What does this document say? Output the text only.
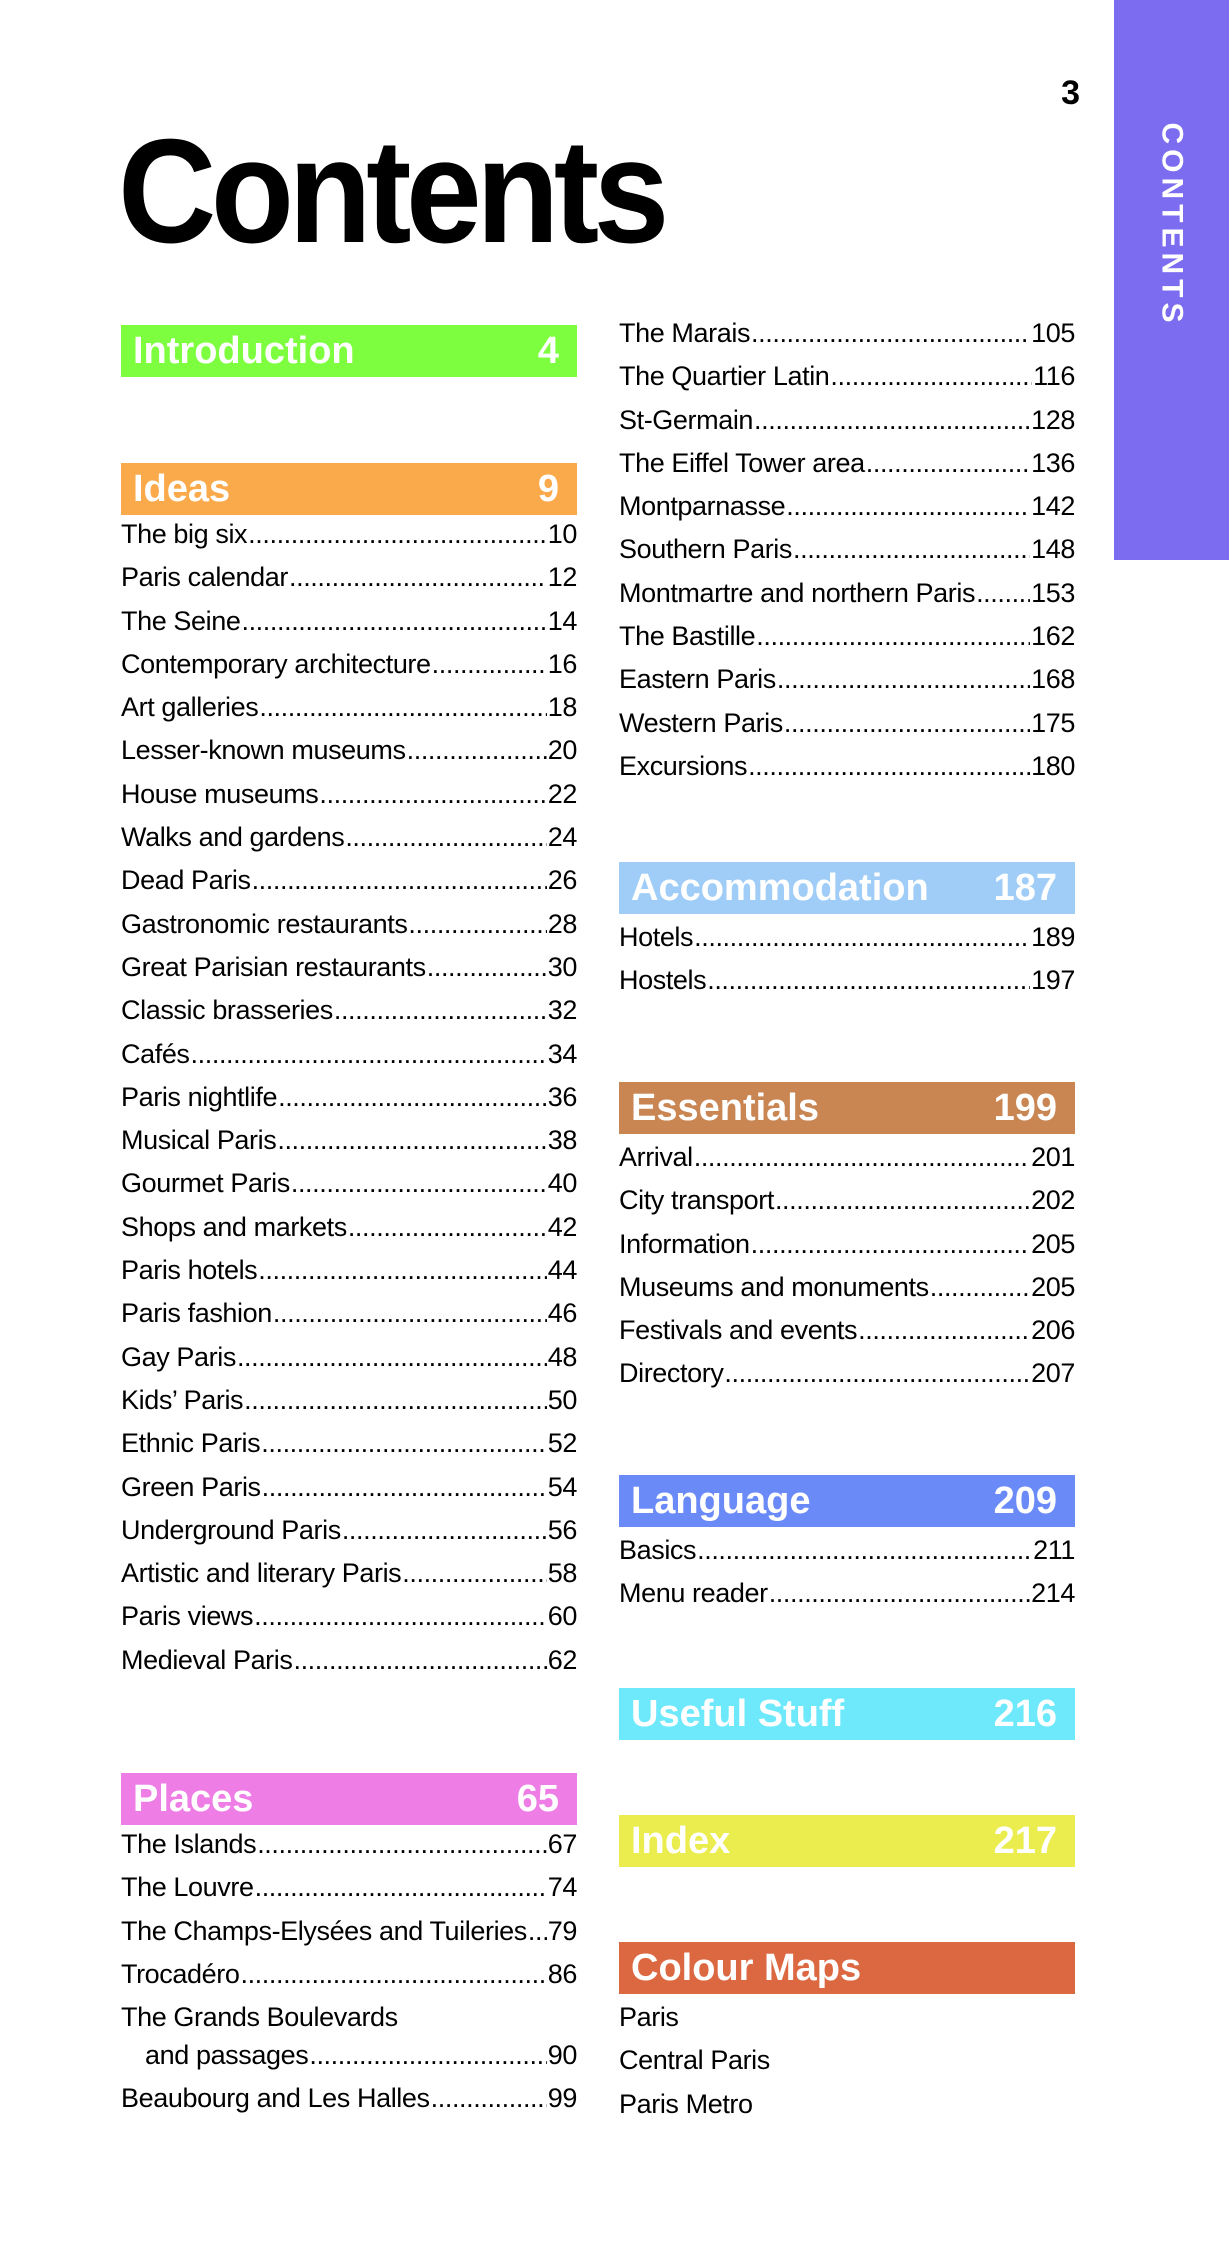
3
CONTENTS
Contents
Introduction	4
Ideas	9
The big six .....	10
Paris calendar .....	12
The Seine .....	14
Contemporary architecture .....	16
Art galleries .....	18
Lesser-known museums .....	20
House museums .....	22
Walks and gardens .....	24
Dead Paris .....	26
Gastronomic restaurants .....	28
Great Parisian restaurants .....	30
Classic brasseries .....	32
Cafés .....	34
Paris nightlife .....	36
Musical Paris .....	38
Gourmet Paris .....	40
Shops and markets .....	42
Paris hotels .....	44
Paris fashion .....	46
Gay Paris .....	48
Kids’ Paris .....	50
Ethnic Paris .....	52
Green Paris .....	54
Underground Paris .....	56
Artistic and literary Paris .....	58
Paris views .....	60
Medieval Paris .....	62
Places	65
The Islands .....	67
The Louvre .....	74
The Champs-Elysées and Tuileries ..... 79
Trocadéro .....	86
The Grands Boulevards
and passages .....	90
Beaubourg and Les Halles .....	99
The Marais .....	105
The Quartier Latin .....	116
St-Germain .....	128
The Eiffel Tower area .....	136
Montparnasse .....	142
Southern Paris .....	148
Montmartre and northern Paris ..... 153
The Bastille .....	162
Eastern Paris .....	168
Western Paris .....	175
Excursions .....	180
Accommodation 187
Hotels .....	189
Hostels .....	197
Essentials	199
Arrival .....	201
City transport .....	202
Information .....	205
Museums and monuments .....	205
Festivals and events .....	206
Directory .....	207
Language	209
Basics .....	211
Menu reader .....	214
Useful Stuff	216
Index	217
Colour Maps
Paris
Central Paris
Paris Metro
